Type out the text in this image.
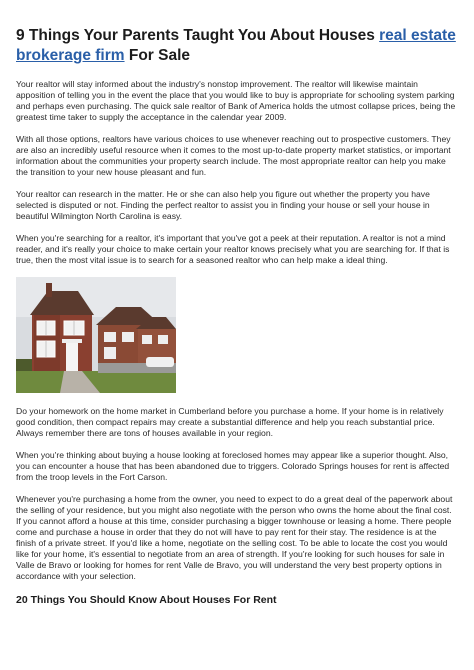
9 Things Your Parents Taught You About Houses real estate brokerage firm For Sale

Your realtor will stay informed about the industry's nonstop improvement. The realtor will likewise maintain apposition of telling you in the event the place that you would like to buy is appropriate for schooling system parking and perhaps even purchasing. The quick sale realtor of Bank of America holds the utmost collapse prices, being the greatest time taker to supply the acceptance in the calendar year 2009.

With all those options, realtors have various choices to use whenever reaching out to prospective customers. They are also an incredibly useful resource when it comes to the most up-to-date property market statistics, or important information about the communities your property search include. The most appropriate realtor can help you make the transition to your new house pleasant and fun.

Your realtor can research in the matter. He or she can also help you figure out whether the property you have selected is disputed or not. Finding the perfect realtor to assist you in finding your house or sell your house in beautiful Wilmington North Carolina is easy.

When you're searching for a realtor, it's important that you've got a peek at their reputation. A realtor is not a mind reader, and it's really your choice to make certain your realtor knows precisely what you are searching for. If that is true, then the most vital issue is to search for a seasoned realtor who can help make a ideal thing.

Do your homework on the home market in Cumberland before you purchase a home. If your home is in relatively good condition, then compact repairs may create a substantial difference and help you reach substantial price. Always remember there are tons of houses available in your region.

When you're thinking about buying a house looking at foreclosed homes may appear like a superior thought. Also, you can encounter a house that has been abandoned due to triggers. Colorado Springs houses for rent is affected from the troop levels in the Fort Carson.

Whenever you're purchasing a home from the owner, you need to expect to do a great deal of the paperwork about the selling of your residence, but you might also negotiate with the person who owns the home about the final cost. If you cannot afford a house at this time, consider purchasing a bigger townhouse or leasing a home. There people come and purchase a house in order that they do not will have to pay rent for their stay. The residence is at the finish of a private street. If you'd like a home, negotiate on the selling cost. To be able to locate the cost you would like for your home, it's essential to negotiate from an area of strength. If you're looking for such houses for sale in Valle de Bravo or looking for homes for rent Valle de Bravo, you will understand the very best property options in accordance with your selection.

20 Things You Should Know About Houses For Rent
